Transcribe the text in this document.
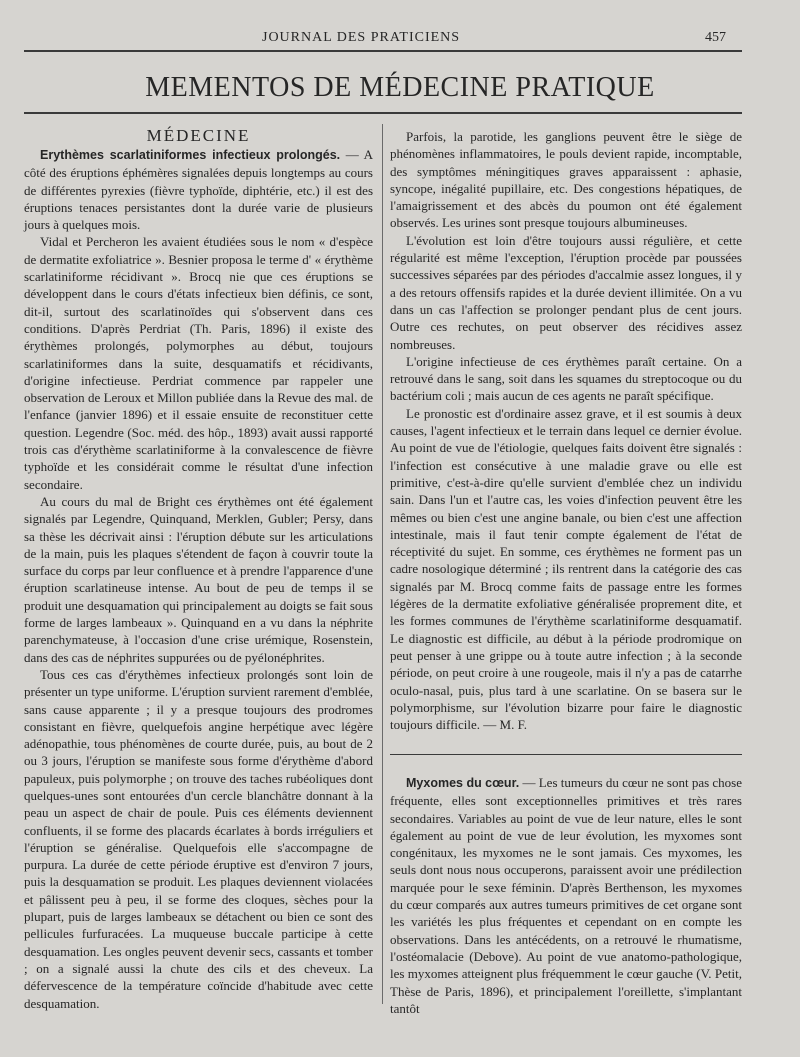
JOURNAL DES PRATICIENS	457
MEMENTOS DE MÉDECINE PRATIQUE
MÉDECINE

Erythèmes scarlatiniformes infectieux prolongés. — A côté des éruptions éphémères signalées depuis longtemps au cours de différentes pyrexies (fièvre typhoïde, diphtérie, etc.) il est des éruptions tenaces persistantes dont la durée varie de plusieurs jours à quelques mois.

Vidal et Percheron les avaient étudiées sous le nom « d'espèce de dermatite exfoliatrice ». Besnier proposa le terme d' « érythème scarlatiniforme récidivant ». Brocq nie que ces éruptions se développent dans le cours d'états infectieux bien définis, ce sont, dit-il, surtout des scarlatinoïdes qui s'observent dans ces conditions. D'après Perdriat (Th. Paris, 1896) il existe des érythèmes prolongés, polymorphes au début, toujours scarlatiniformes dans la suite, desquamatifs et récidivants, d'origine infectieuse. Perdriat commence par rappeler une observation de Leroux et Millon publiée dans la Revue des mal. de l'enfance (janvier 1896) et il essaie ensuite de reconstituer cette question. Legendre (Soc. méd. des hôp., 1893) avait aussi rapporté trois cas d'érythème scarlatiniforme à la convalescence de fièvre typhoïde et les considérait comme le résultat d'une infection secondaire.

Au cours du mal de Bright ces érythèmes ont été également signalés par Legendre, Quinquand, Merklen, Gubler; Persy, dans sa thèse les décrivait ainsi : l'éruption débute sur les articulations de la main, puis les plaques s'étendent de façon à couvrir toute la surface du corps par leur confluence et à prendre l'apparence d'une éruption scarlatineuse intense. Au bout de peu de temps il se produit une desquamation qui principalement au doigts se fait sous forme de larges lambeaux ». Quinquand en a vu dans la néphrite parenchymateuse, à l'occasion d'une crise urémique, Rosenstein, dans des cas de néphrites suppurées ou de pyélonéphrites.

Tous ces cas d'érythèmes infectieux prolongés sont loin de présenter un type uniforme. L'éruption survient rarement d'emblée, sans cause apparente ; il y a presque toujours des prodromes consistant en fièvre, quelquefois angine herpétique avec légère adénopathie, tous phénomènes de courte durée, puis, au bout de 2 ou 3 jours, l'éruption se manifeste sous forme d'érythème d'abord papuleux, puis polymorphe ; on trouve des taches rubéoliques dont quelques-unes sont entourées d'un cercle blanchâtre donnant à la peau un aspect de chair de poule. Puis ces éléments deviennent confluents, il se forme des placards écarlates à bords irréguliers et l'éruption se généralise. Quelquefois elle s'accompagne de purpura. La durée de cette période éruptive est d'environ 7 jours, puis la desquamation se produit. Les plaques deviennent violacées et pâlissent peu à peu, il se forme des cloques, sèches pour la plupart, puis de larges lambeaux se détachent ou bien ce sont des pellicules furfuracées. La muqueuse buccale participe à cette desquamation. Les ongles peuvent devenir secs, cassants et tomber ; on a signalé aussi la chute des cils et des cheveux. La défervescence de la température coïncide d'habitude avec cette desquamation.

Parfois, la parotide, les ganglions peuvent être le siège de phénomènes inflammatoires, le pouls devient rapide, incomptable, des symptômes méningitiques graves apparaissent : aphasie, syncope, inégalité pupillaire, etc. Des congestions hépatiques, de l'amaigrissement et des abcès du poumon ont été également observés. Les urines sont presque toujours albumineuses.

L'évolution est loin d'être toujours aussi régulière, et cette régularité est même l'exception, l'éruption procède par poussées successives séparées par des périodes d'accalmie assez longues, il y a des retours offensifs rapides et la durée devient illimitée. On a vu dans un cas l'affection se prolonger pendant plus de cent jours. Outre ces rechutes, on peut observer des récidives assez nombreuses.

L'origine infectieuse de ces érythèmes paraît certaine. On a retrouvé dans le sang, soit dans les squames du streptocoque ou du bactérium coli ; mais aucun de ces agents ne paraît spécifique.

Le pronostic est d'ordinaire assez grave, et il est soumis à deux causes, l'agent infectieux et le terrain dans lequel ce dernier évolue. Au point de vue de l'étiologie, quelques faits doivent être signalés : l'infection est consécutive à une maladie grave ou elle est primitive, c'est-à-dire qu'elle survient d'emblée chez un individu sain. Dans l'un et l'autre cas, les voies d'infection peuvent être les mêmes ou bien c'est une angine banale, ou bien c'est une affection intestinale, mais il faut tenir compte également de l'état de réceptivité du sujet. En somme, ces érythèmes ne forment pas un cadre nosologique déterminé ; ils rentrent dans la catégorie des cas signalés par M. Brocq comme faits de passage entre les formes légères de la dermatite exfoliative généralisée proprement dite, et les formes communes de l'érythème scarlatiniforme desquamatif. Le diagnostic est difficile, au début à la période prodromique on peut penser à une grippe ou à toute autre infection ; à la seconde période, on peut croire à une rougeole, mais il n'y a pas de catarrhe oculo-nasal, puis, plus tard à une scarlatine. On se basera sur le polymorphisme, sur l'évolution bizarre pour faire le diagnostic toujours difficile. — M. F.

Myxomes du cœur. — Les tumeurs du cœur ne sont pas chose fréquente, elles sont exceptionnelles primitives et très rares secondaires. Variables au point de vue de leur nature, elles le sont également au point de vue de leur évolution, les myxomes sont congénitaux, les myxomes ne le sont jamais. Ces myxomes, les seuls dont nous nous occuperons, paraissent avoir une prédilection marquée pour le sexe féminin. D'après Berthenson, les myxomes du cœur comparés aux autres tumeurs primitives de cet organe sont les variétés les plus fréquentes et cependant on en compte les observations. Dans les antécédents, on a retrouvé le rhumatisme, l'ostéomalacie (Debove). Au point de vue anatomo-pathologique, les myxomes atteignent plus fréquemment le cœur gauche (V. Petit, Thèse de Paris, 1896), et principalement l'oreillette, s'implantant tantôt
